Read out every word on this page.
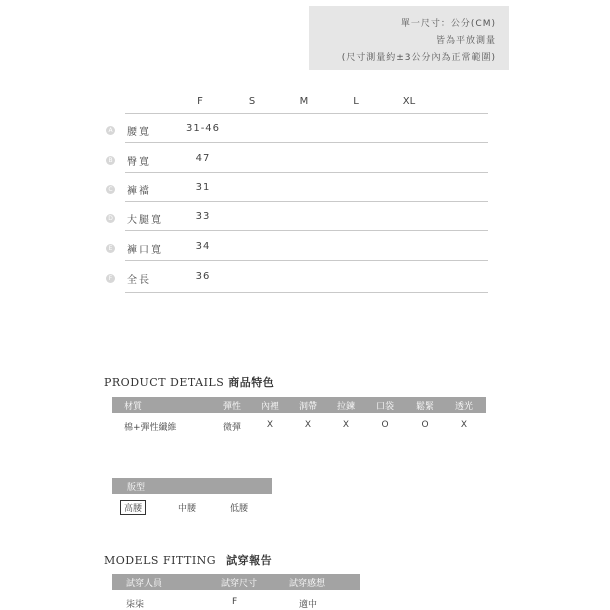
單一尺寸：公分(CM)
皆為平放測量
(尺寸測量約±3公分內為正常範圍)
F	S	M	L	XL
A 腰寬	31-46
B 臀寬	47
C 褲襠	31
D 大腿寬	33
E 褲口寬	34
F 全長	36
PRODUCT DETAILS 商品特色
材質	彈性	內裡	洞帶	拉鍊	口袋	鬆緊	透光
棉+彈性纖維	微彈	X	X	X	O	O	X
版型
高腰	中腰	低腰
MODELS FITTING 試穿報告
試穿人員	試穿尺寸	試穿感想
柒柒	F	適中
